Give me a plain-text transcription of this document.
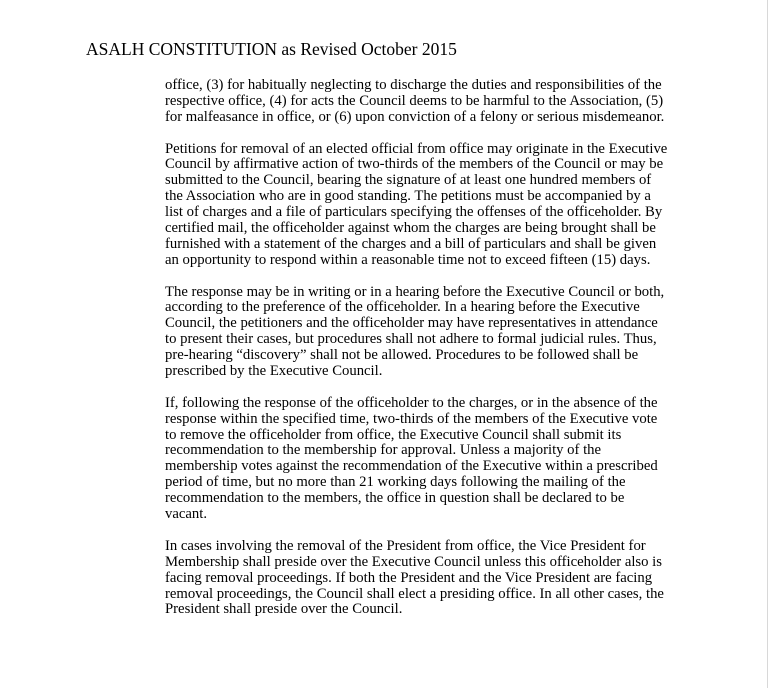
ASALH CONSTITUTION as Revised October 2015
office, (3) for habitually neglecting to discharge the duties and responsibilities of the
respective office, (4) for acts the Council deems to be harmful to the Association, (5)
for malfeasance in office, or (6) upon conviction of a felony or serious misdemeanor.
Petitions for removal of an elected official from office may originate in the Executive
Council by affirmative action of two-thirds of the members of the Council or may be
submitted to the Council, bearing the signature of at least one hundred members of
the Association who are in good standing. The petitions must be accompanied by a
list of charges and a file of particulars specifying the offenses of the officeholder. By
certified mail, the officeholder against whom the charges are being brought shall be
furnished with a statement of the charges and a bill of particulars and shall be given
an opportunity to respond within a reasonable time not to exceed fifteen (15) days.
The response may be in writing or in a hearing before the Executive Council or both,
according to the preference of the officeholder. In a hearing before the Executive
Council, the petitioners and the officeholder may have representatives in attendance
to present their cases, but procedures shall not adhere to formal judicial rules. Thus,
pre-hearing “discovery” shall not be allowed. Procedures to be followed shall be
prescribed by the Executive Council.
If, following the response of the officeholder to the charges, or in the absence of the
response within the specified time, two-thirds of the members of the Executive vote
to remove the officeholder from office, the Executive Council shall submit its
recommendation to the membership for approval. Unless a majority of the
membership votes against the recommendation of the Executive within a prescribed
period of time, but no more than 21 working days following the mailing of the
recommendation to the members, the office in question shall be declared to be
vacant.
In cases involving the removal of the President from office, the Vice President for
Membership shall preside over the Executive Council unless this officeholder also is
facing removal proceedings. If both the President and the Vice President are facing
removal proceedings, the Council shall elect a presiding office. In all other cases, the
President shall preside over the Council.
